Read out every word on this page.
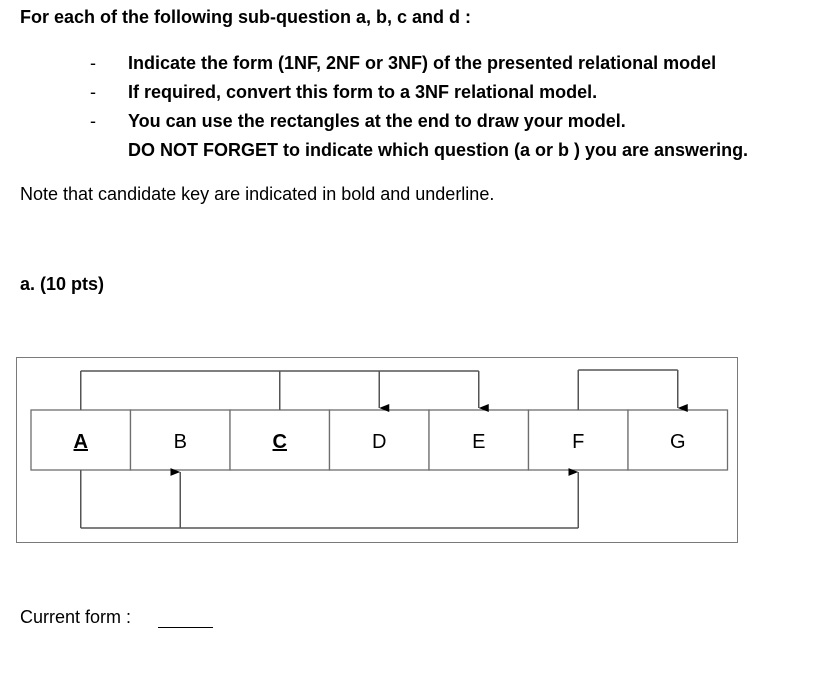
For each of the following sub-question a, b, c and d :
-	Indicate the form (1NF, 2NF or 3NF) of the presented relational model
-	If required, convert this form to a 3NF relational model.
-	You can use the rectangles at the end to draw your model.
DO NOT FORGET to indicate which question (a or b ) you are answering.
Note that candidate key are indicated in bold and underline.
a. (10 pts)
A	B	C	D	E	F	G
Current form :
